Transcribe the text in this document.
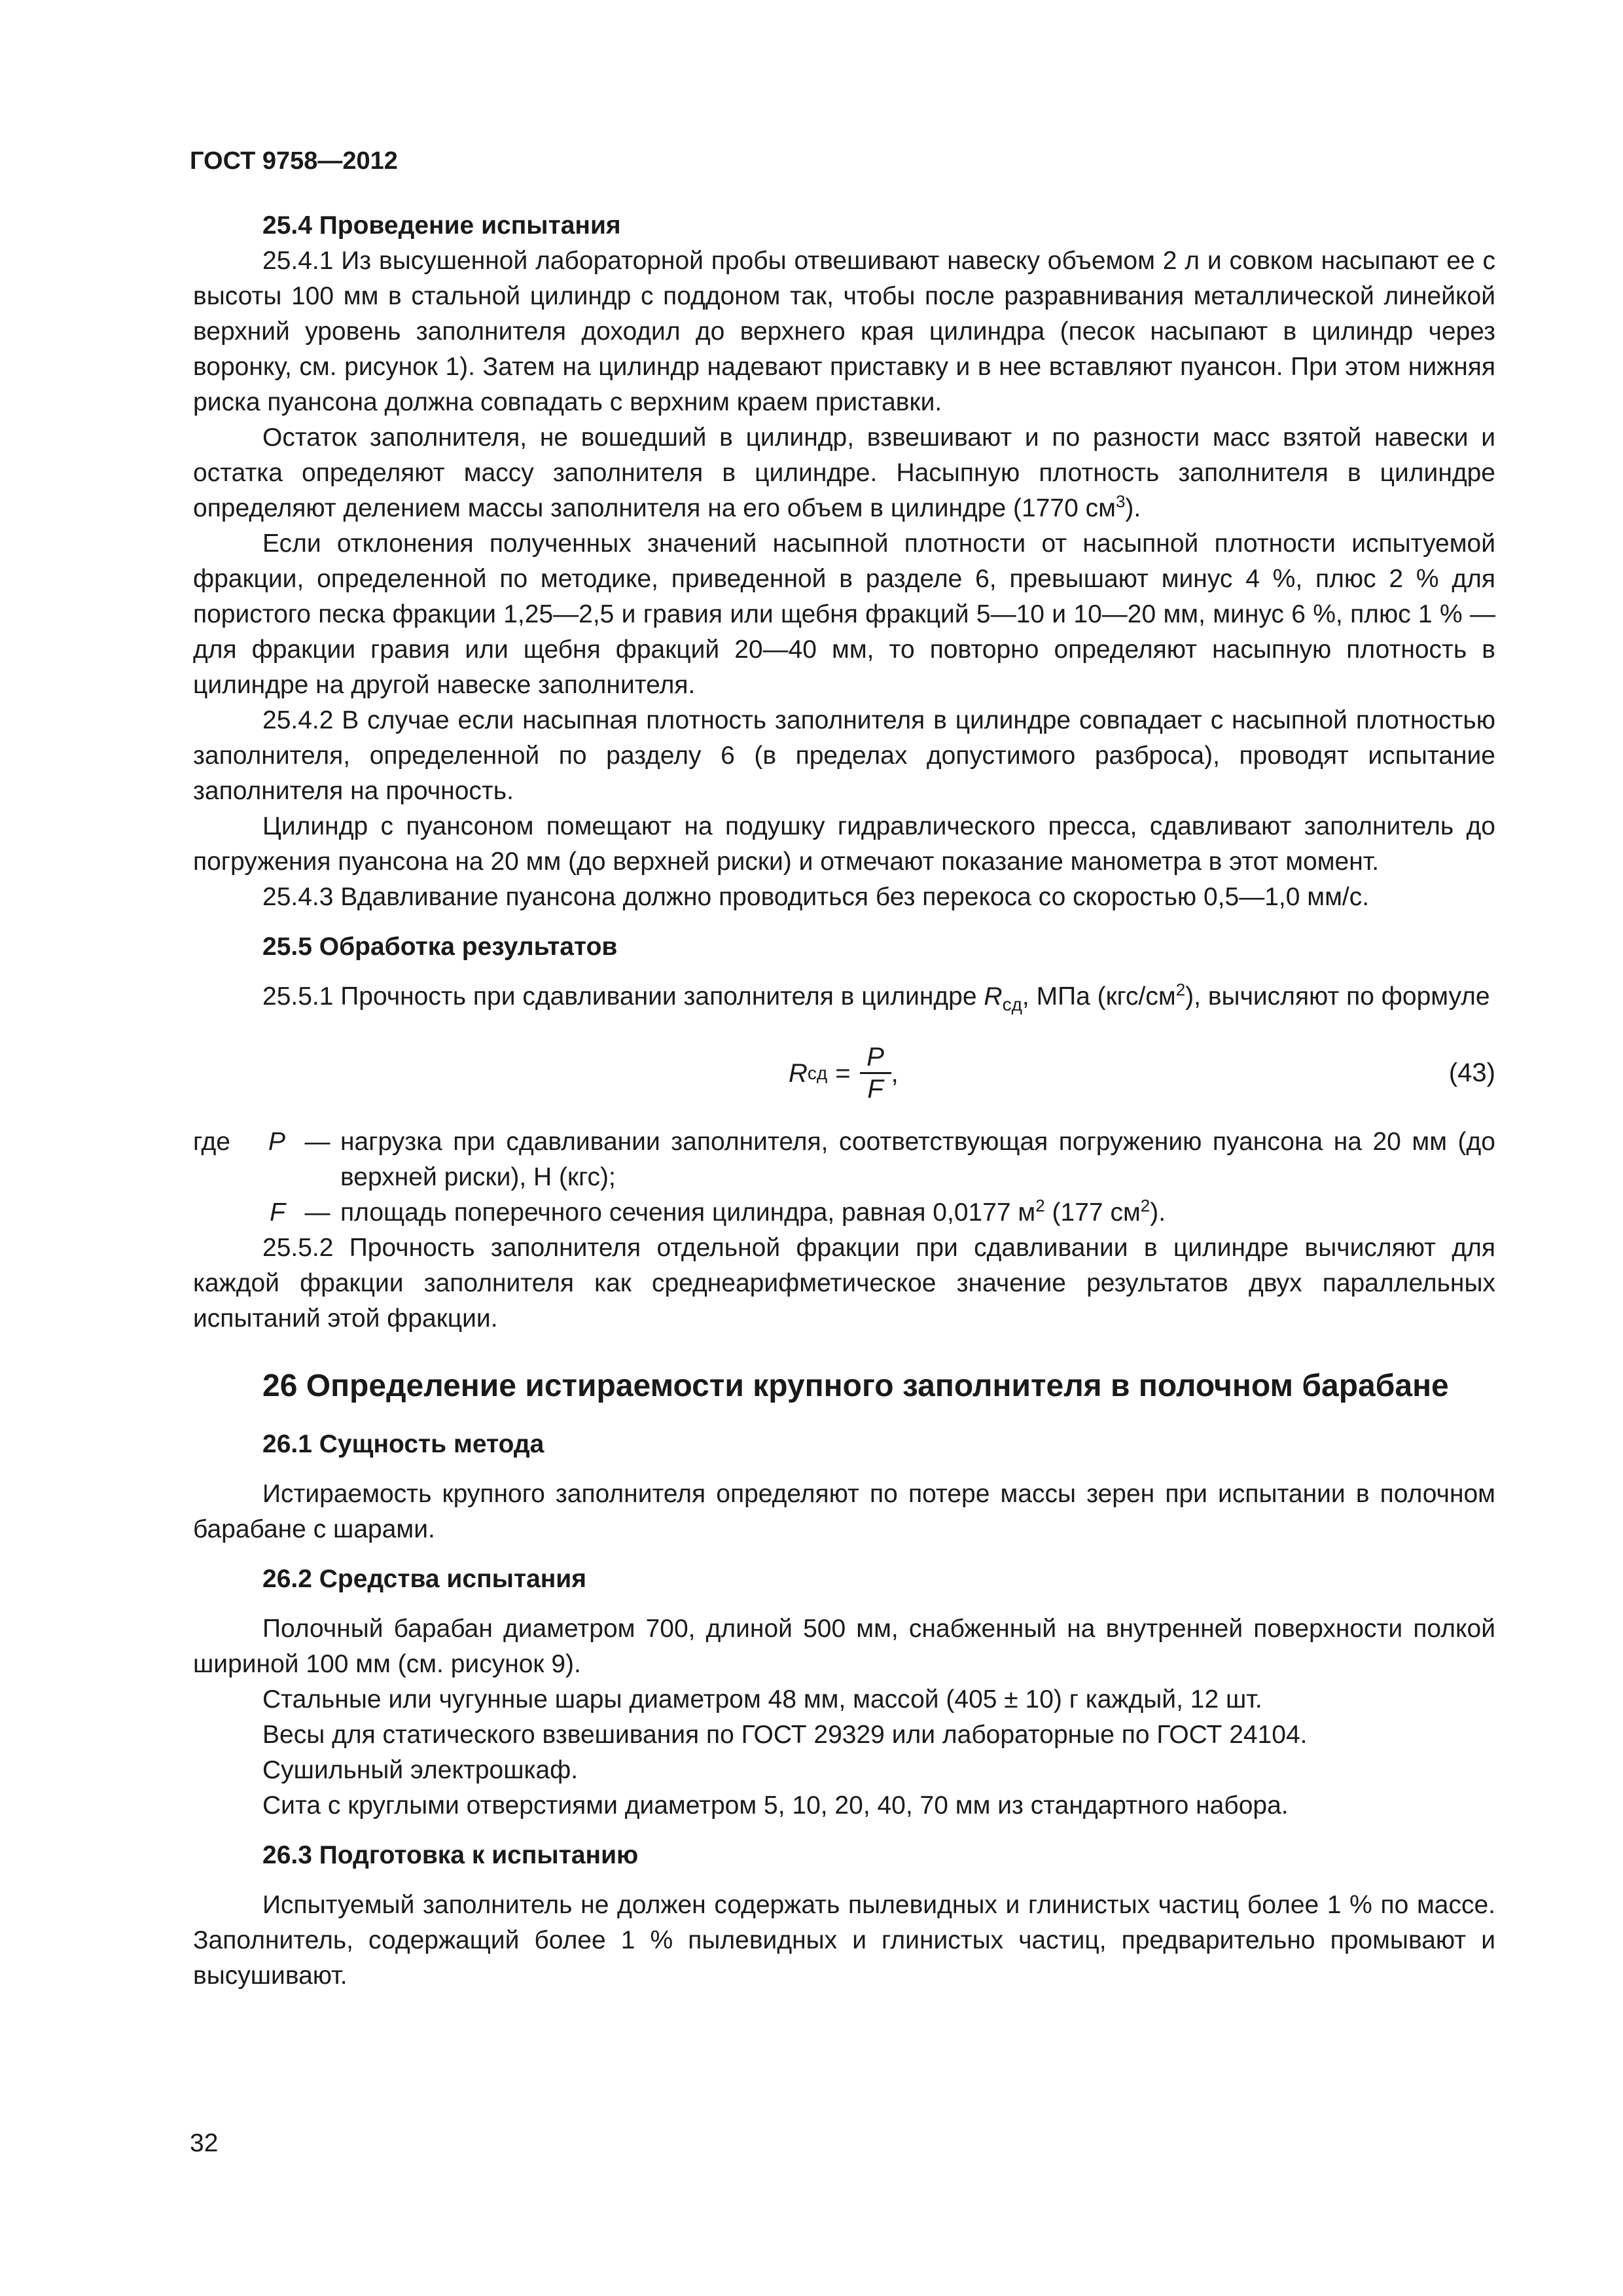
ГОСТ 9758—2012
25.4 Проведение испытания

25.4.1 Из высушенной лабораторной пробы отвешивают навеску объемом 2 л и совком насыпают ее с высоты 100 мм в стальной цилиндр с поддоном так, чтобы после разравнивания металлической линейкой верхний уровень заполнителя доходил до верхнего края цилиндра (песок насыпают в цилиндр через воронку, см. рисунок 1). Затем на цилиндр надевают приставку и в нее вставляют пуансон. При этом нижняя риска пуансона должна совпадать с верхним краем приставки.

Остаток заполнителя, не вошедший в цилиндр, взвешивают и по разности масс взятой навески и остатка определяют массу заполнителя в цилиндре. Насыпную плотность заполнителя в цилиндре определяют делением массы заполнителя на его объем в цилиндре (1770 $см^3$).

Если отклонения полученных значений насыпной плотности от насыпной плотности испытуемой фракции, определенной по методике, приведенной в разделе 6, превышают минус 4 %, плюс 2 % для пористого песка фракции 1,25—2,5 и гравия или щебня фракций 5—10 и 10—20 мм, минус 6 %, плюс 1 % — для фракции гравия или щебня фракций 20—40 мм, то повторно определяют насыпную плотность в цилиндре на другой навеске заполнителя.

25.4.2 В случае если насыпная плотность заполнителя в цилиндре совпадает с насыпной плотностью заполнителя, определенной по разделу 6 (в пределах допустимого разброса), проводят испытание заполнителя на прочность.

Цилиндр с пуансоном помещают на подушку гидравлического пресса, сдавливают заполнитель до погружения пуансона на 20 мм (до верхней риски) и отмечают показание манометра в этот момент.

25.4.3 Вдавливание пуансона должно проводиться без перекоса со скоростью 0,5—1,0 мм/с.

25.5 Обработка результатов

25.5.1 Прочность при сдавливании заполнителя в цилиндре $R_{сд}$, МПа $(кгс/см^2)$, вычисляют по формуле

R сд = $\frac{P}{F}$ ,	(43)
где	P — нагрузка при сдавливании заполнителя, соответствующая погружению пуансона на 20 мм (до верхней риски), Н (кгс);
F — площадь поперечного сечения цилиндра, равная 0,0177 $м^2$ (177 $см^2$).

25.5.2 Прочность заполнителя отдельной фракции при сдавливании в цилиндре вычисляют для каждой фракции заполнителя как среднеарифметическое значение результатов двух параллельных испытаний этой фракции.

26 Определение истираемости крупного заполнителя в полочном барабане
26.1 Сущность метода

Истираемость крупного заполнителя определяют по потере массы зерен при испытании в полочном барабане с шарами.

26.2 Средства испытания

Полочный барабан диаметром 700, длиной 500 мм, снабженный на внутренней поверхности полкой шириной 100 мм (см. рисунок 9).

Стальные или чугунные шары диаметром 48 мм, массой (405 ± 10) г каждый, 12 шт.

Весы для статического взвешивания по ГОСТ 29329 или лабораторные по ГОСТ 24104.

Сушильный электрошкаф.

Сита с круглыми отверстиями диаметром 5, 10, 20, 40, 70 мм из стандартного набора.

26.3 Подготовка к испытанию

Испытуемый заполнитель не должен содержать пылевидных и глинистых частиц более 1 % по массе. Заполнитель, содержащий более 1 % пылевидных и глинистых частиц, предварительно промывают и высушивают.

32
